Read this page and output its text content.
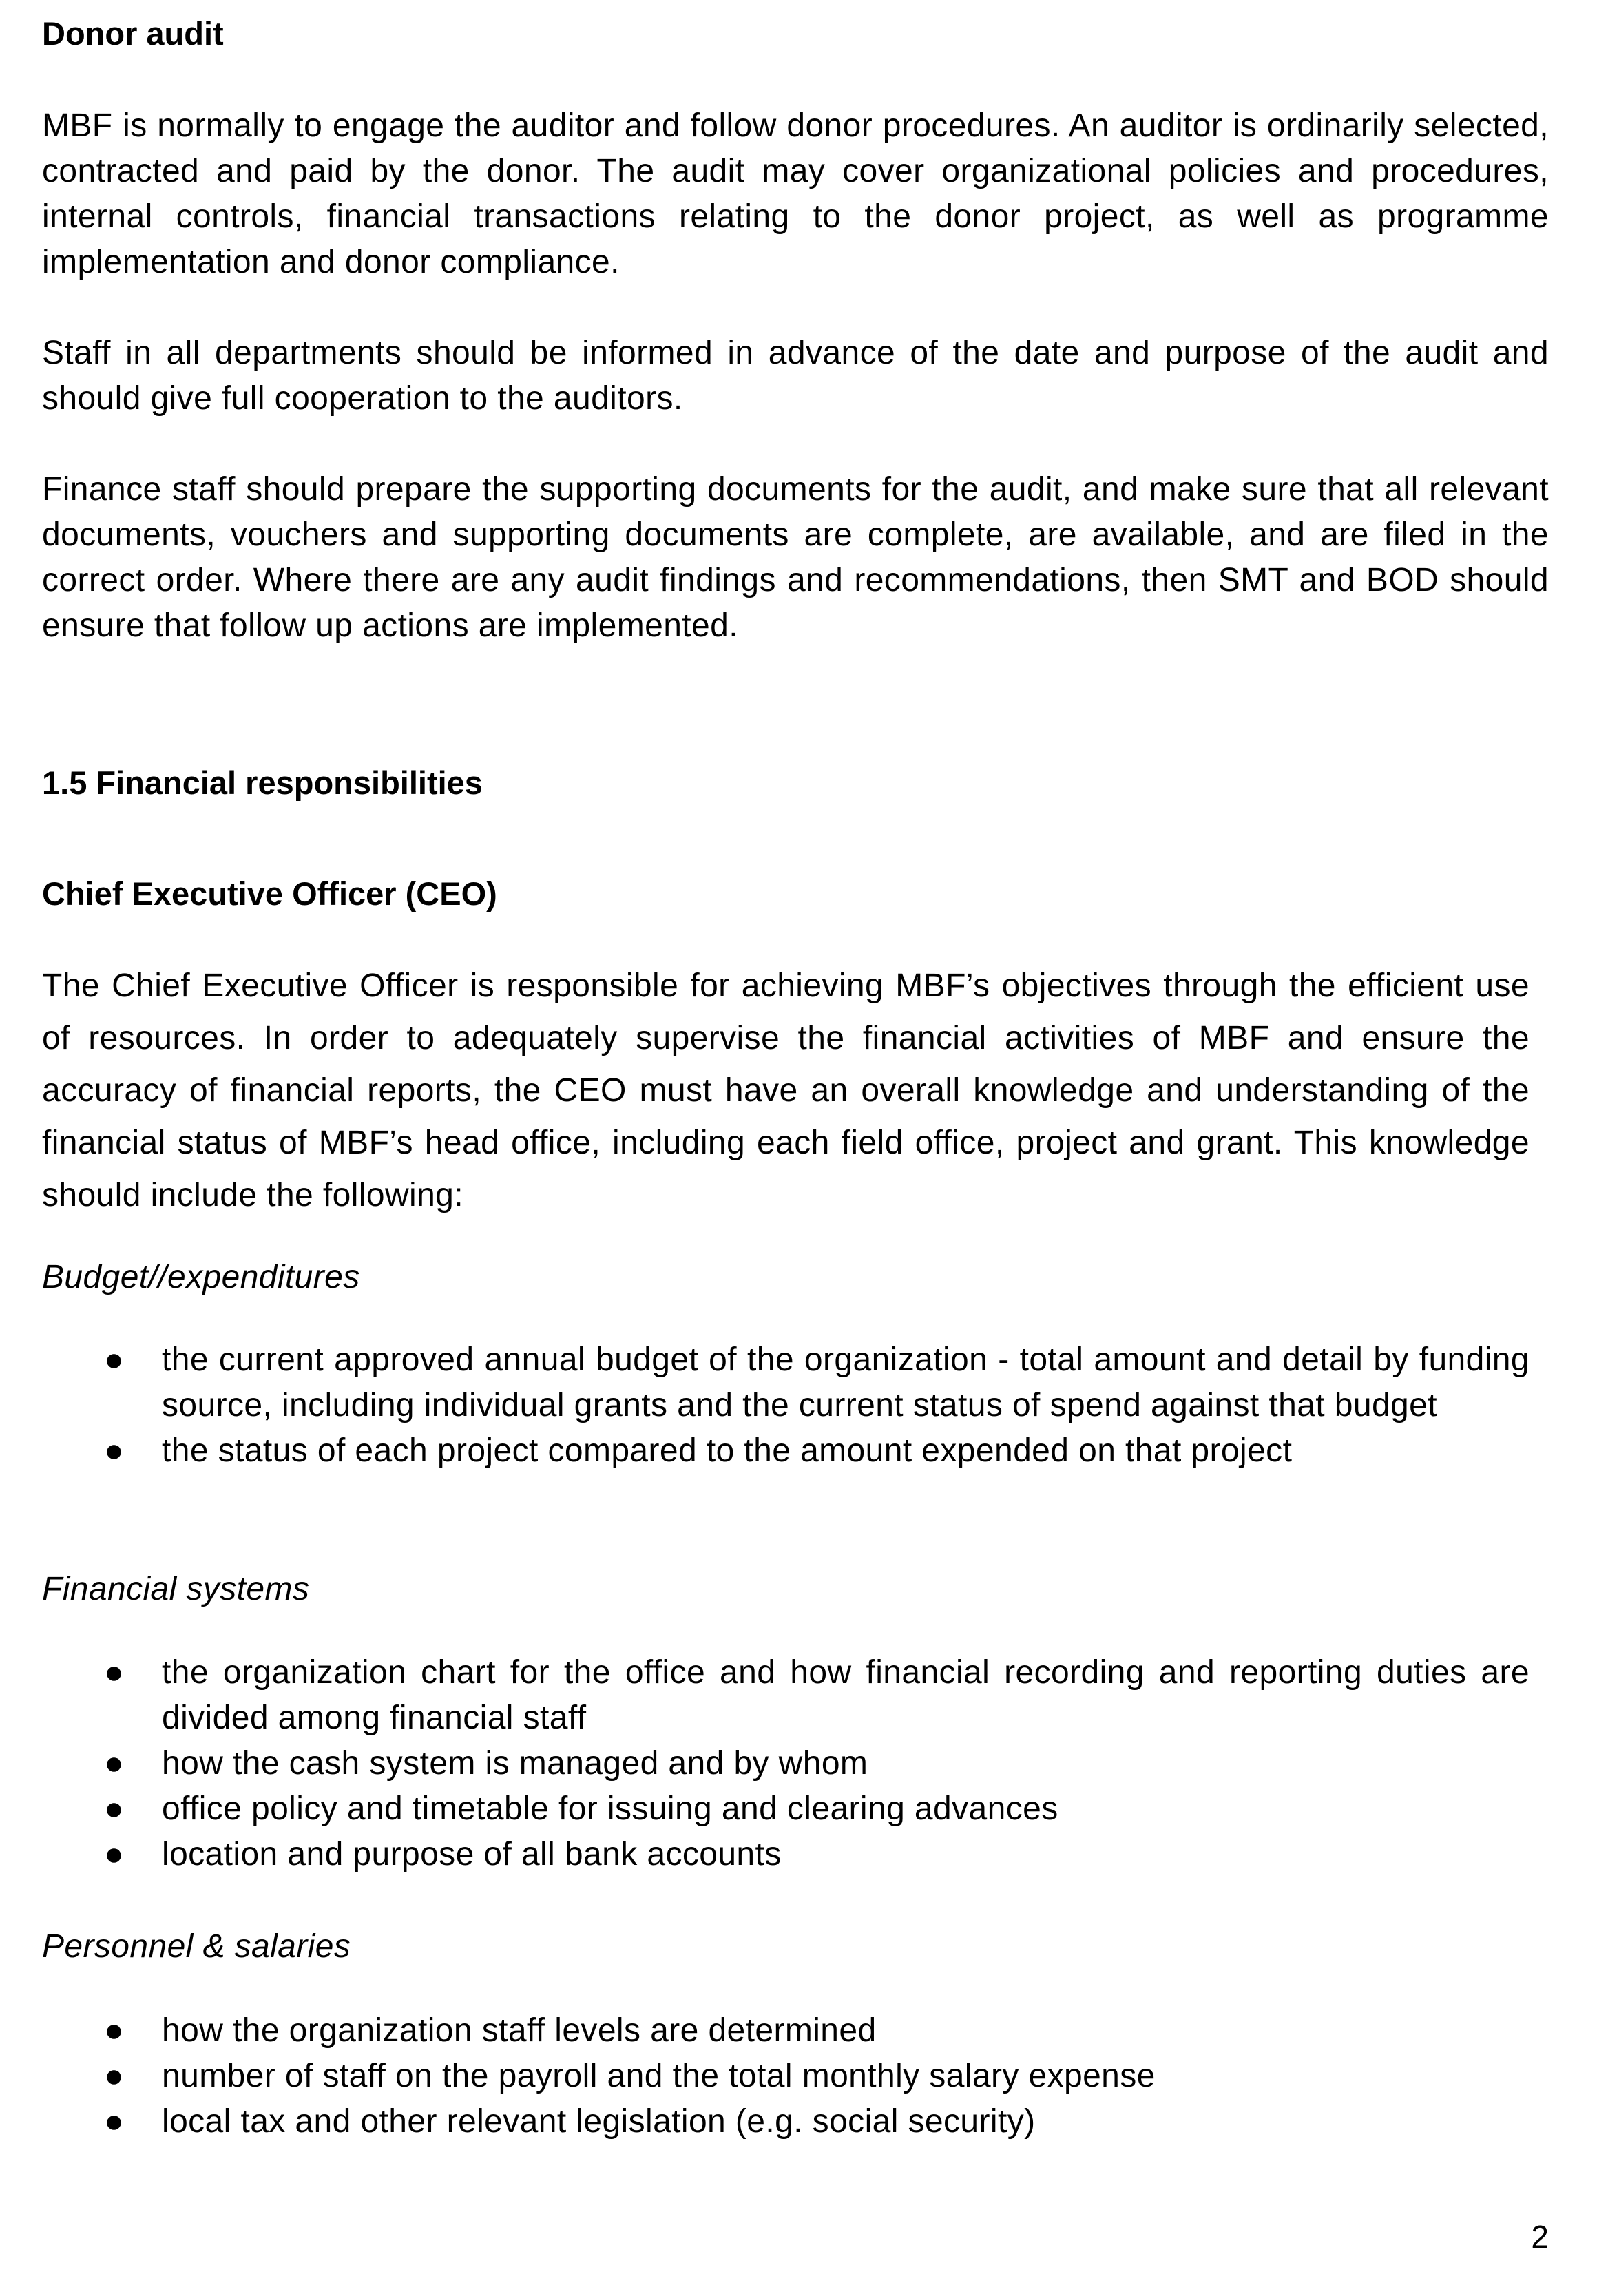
Donor audit

MBF is normally to engage the auditor and follow donor procedures. An auditor is ordinarily selected, contracted and paid by the donor. The audit may cover organizational policies and procedures, internal controls, financial transactions relating to the donor project, as well as programme implementation and donor compliance.

Staff in all departments should be informed in advance of the date and purpose of the audit and should give full cooperation to the auditors.

Finance staff should prepare the supporting documents for the audit, and make sure that all relevant documents, vouchers and supporting documents are complete, are available, and are filed in the correct order. Where there are any audit findings and recommendations, then SMT and BOD should ensure that follow up actions are implemented.

1.5 Financial responsibilities

Chief Executive Officer (CEO)

The Chief Executive Officer is responsible for achieving MBF’s objectives through the efficient use of resources. In order to adequately supervise the financial activities of MBF and ensure the accuracy of financial reports, the CEO must have an overall knowledge and understanding of the financial status of MBF’s head office, including each field office, project and grant. This knowledge should include the following:

Budget//expenditures

● the current approved annual budget of the organization - total amount and detail by funding source, including individual grants and the current status of spend against that budget
● the status of each project compared to the amount expended on that project

Financial systems

● the organization chart for the office and how financial recording and reporting duties are divided among financial staff
● how the cash system is managed and by whom
● office policy and timetable for issuing and clearing advances
● location and purpose of all bank accounts

Personnel & salaries

● how the organization staff levels are determined
● number of staff on the payroll and the total monthly salary expense
● local tax and other relevant legislation (e.g. social security)
2
